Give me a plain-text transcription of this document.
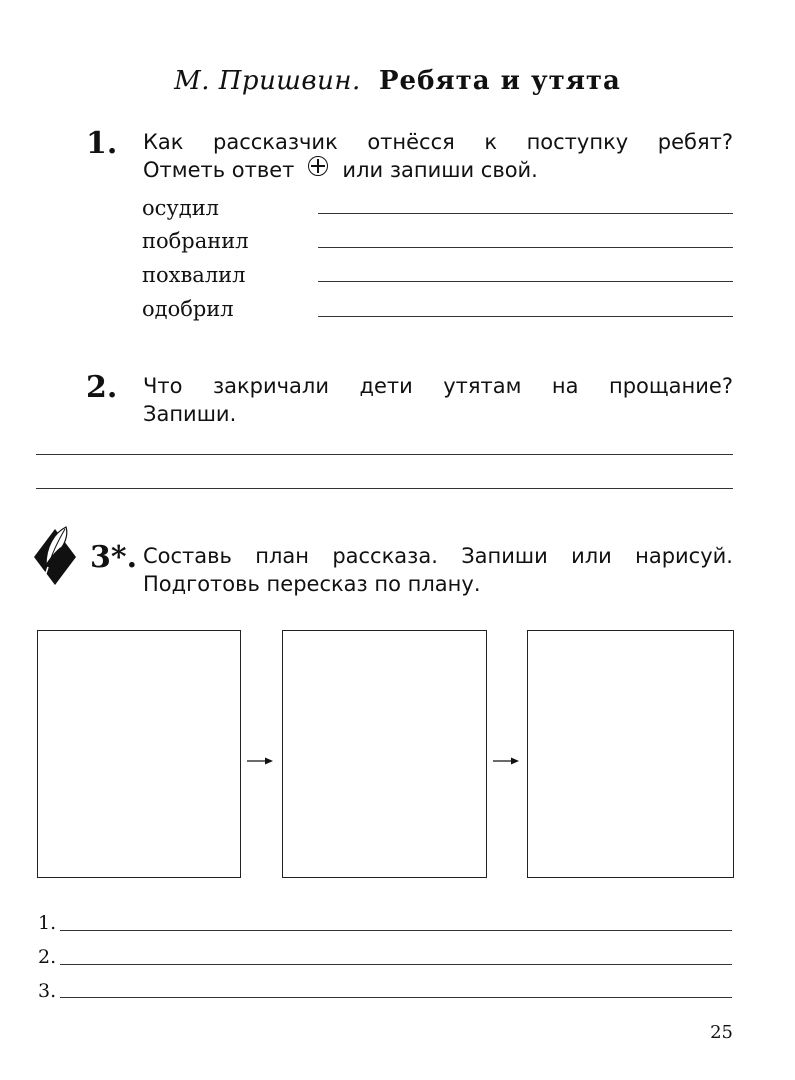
М. Пришвин. Ребята и утята
1. Как рассказчик отнёсся к поступку ребят?
Отметь ответ или запиши свой.
осудил
побранил
похвалил
одобрил
2. Что закричали дети утятам на прощание?
Запиши.
3*. Составь план рассказа. Запиши или нарисуй.
Подготовь пересказ по плану.
1.
2.
3.
25
